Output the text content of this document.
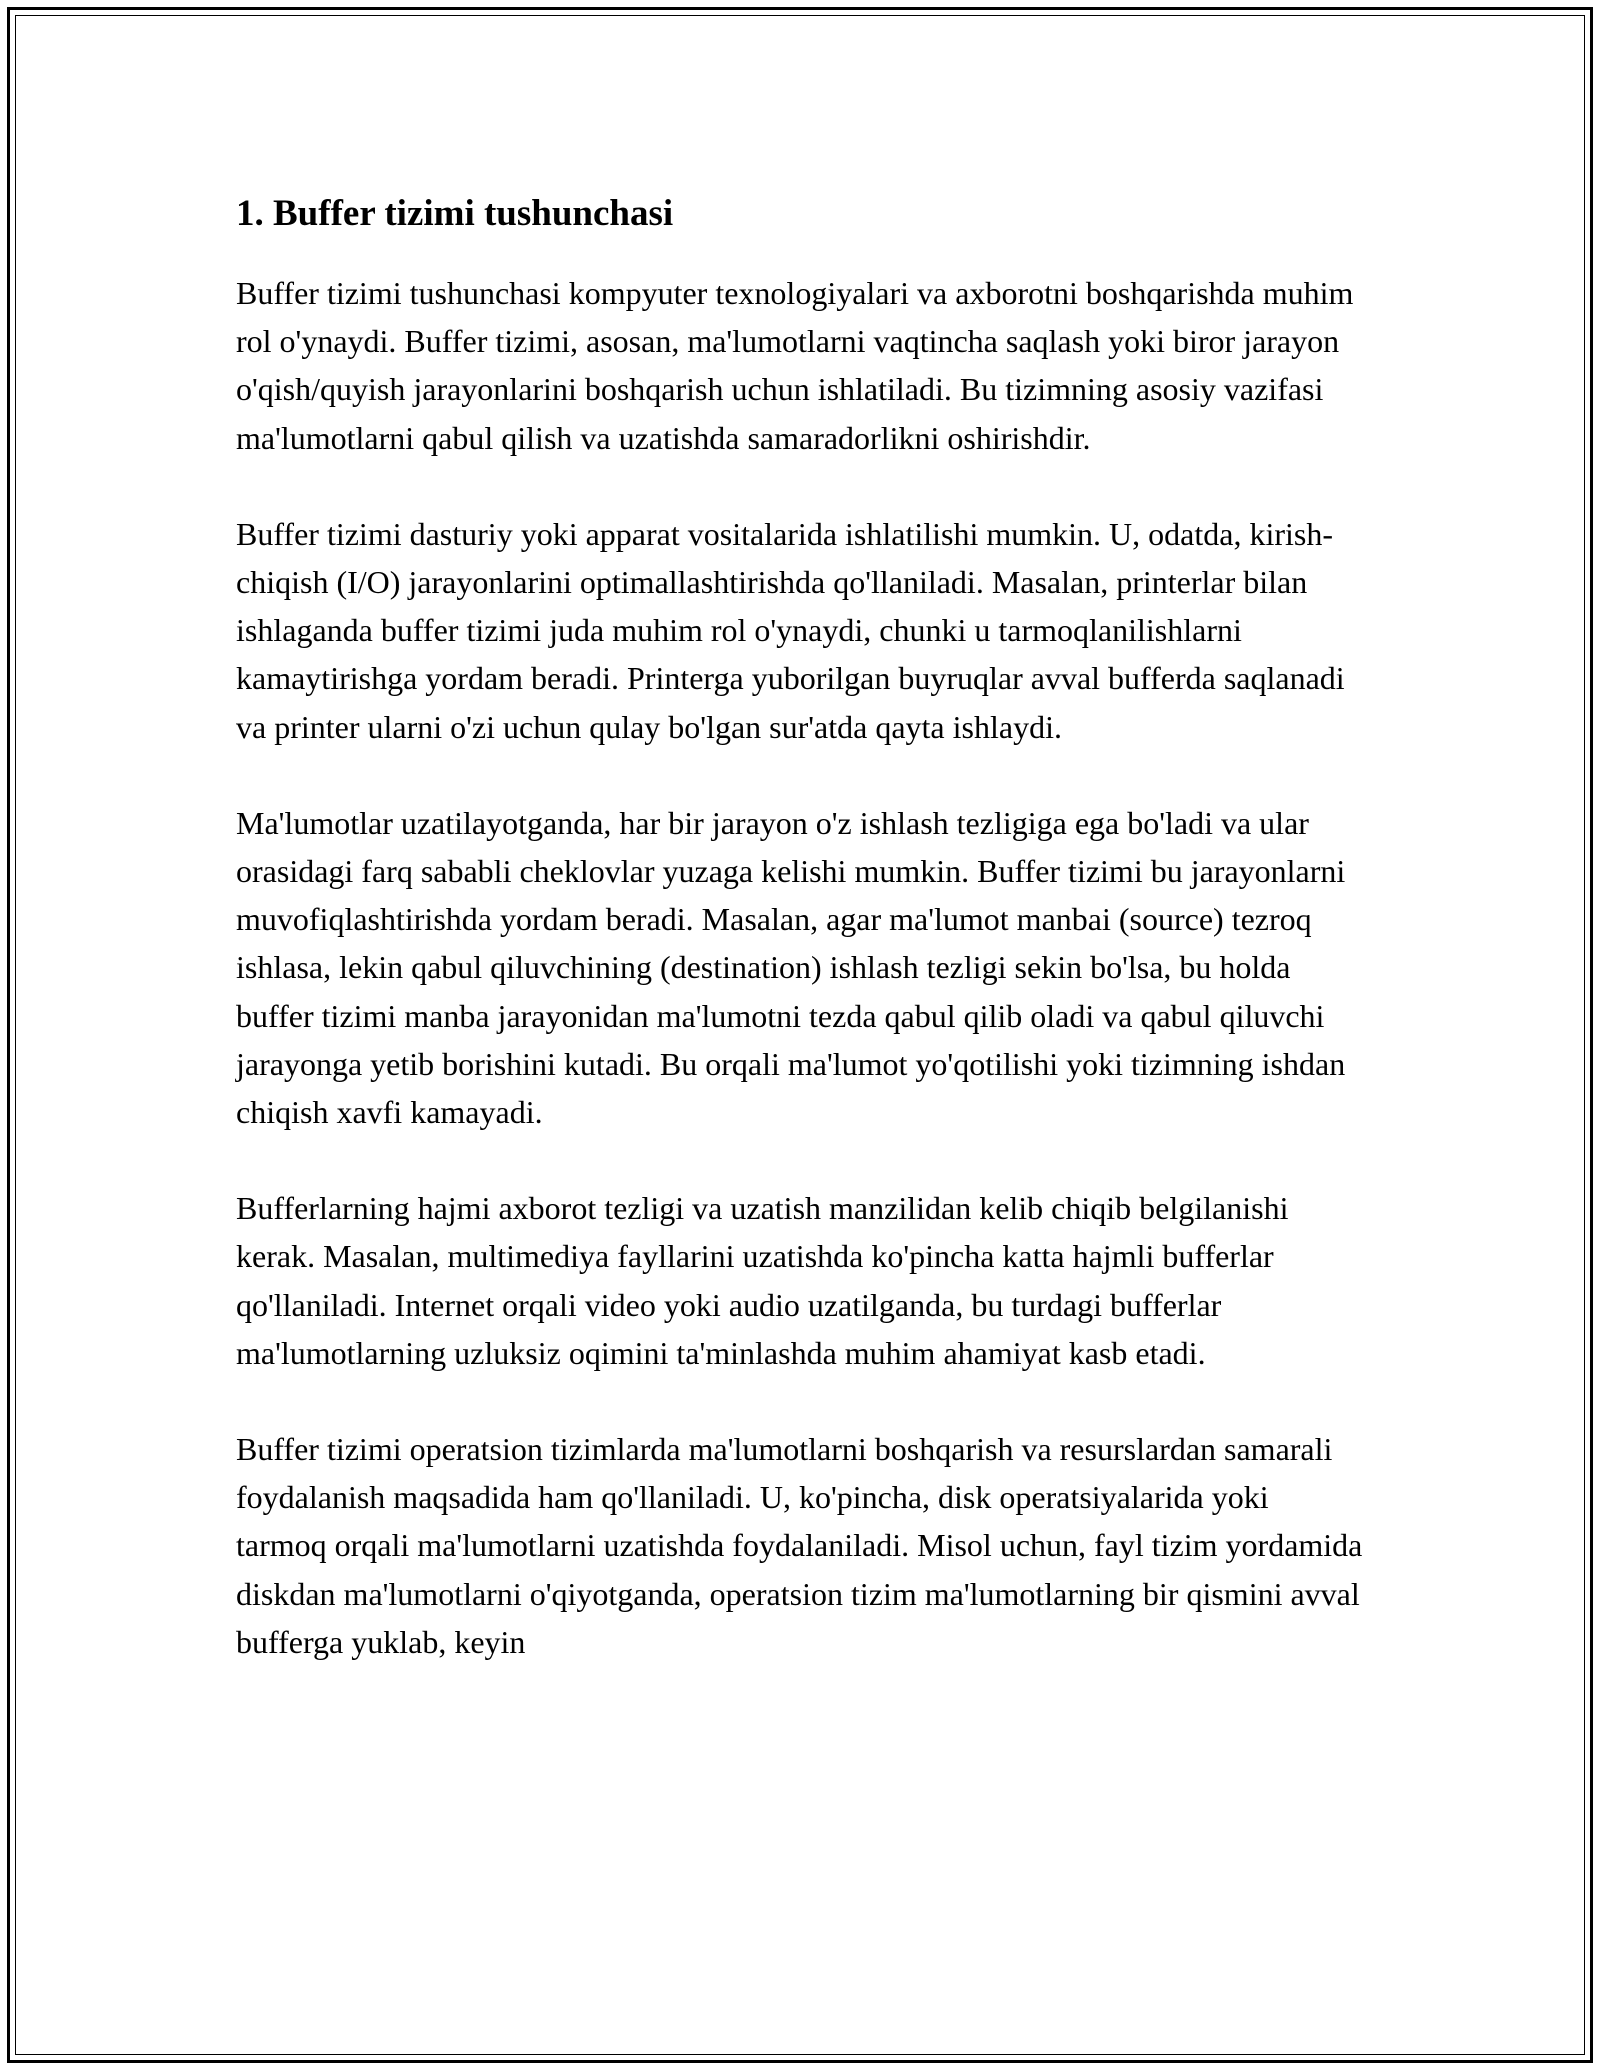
1. Buffer tizimi tushunchasi

Buffer tizimi tushunchasi kompyuter texnologiyalari va axborotni boshqarishda muhim rol o'ynaydi. Buffer tizimi, asosan, ma'lumotlarni vaqtincha saqlash yoki biror jarayon o'qish/quyish jarayonlarini boshqarish uchun ishlatiladi. Bu tizimning asosiy vazifasi ma'lumotlarni qabul qilish va uzatishda samaradorlikni oshirishdir.

Buffer tizimi dasturiy yoki apparat vositalarida ishlatilishi mumkin. U, odatda, kirish-chiqish (I/O) jarayonlarini optimallashtirishda qo'llaniladi. Masalan, printerlar bilan ishlaganda buffer tizimi juda muhim rol o'ynaydi, chunki u tarmoqlanilishlarni kamaytirishga yordam beradi. Printerga yuborilgan buyruqlar avval bufferda saqlanadi va printer ularni o'zi uchun qulay bo'lgan sur'atda qayta ishlaydi.

Ma'lumotlar uzatilayotganda, har bir jarayon o'z ishlash tezligiga ega bo'ladi va ular orasidagi farq sababli cheklovlar yuzaga kelishi mumkin. Buffer tizimi bu jarayonlarni muvofiqlashtirishda yordam beradi. Masalan, agar ma'lumot manbai (source) tezroq ishlasa, lekin qabul qiluvchining (destination) ishlash tezligi sekin bo'lsa, bu holda buffer tizimi manba jarayonidan ma'lumotni tezda qabul qilib oladi va qabul qiluvchi jarayonga yetib borishini kutadi. Bu orqali ma'lumot yo'qotilishi yoki tizimning ishdan chiqish xavfi kamayadi.

Bufferlarning hajmi axborot tezligi va uzatish manzilidan kelib chiqib belgilanishi kerak. Masalan, multimediya fayllarini uzatishda ko'pincha katta hajmli bufferlar qo'llaniladi. Internet orqali video yoki audio uzatilganda, bu turdagi bufferlar ma'lumotlarning uzluksiz oqimini ta'minlashda muhim ahamiyat kasb etadi.

Buffer tizimi operatsion tizimlarda ma'lumotlarni boshqarish va resurslardan samarali foydalanish maqsadida ham qo'llaniladi. U, ko'pincha, disk operatsiyalarida yoki tarmoq orqali ma'lumotlarni uzatishda foydalaniladi. Misol uchun, fayl tizim yordamida diskdan ma'lumotlarni o'qiyotganda, operatsion tizim ma'lumotlarning bir qismini avval bufferga yuklab, keyin
